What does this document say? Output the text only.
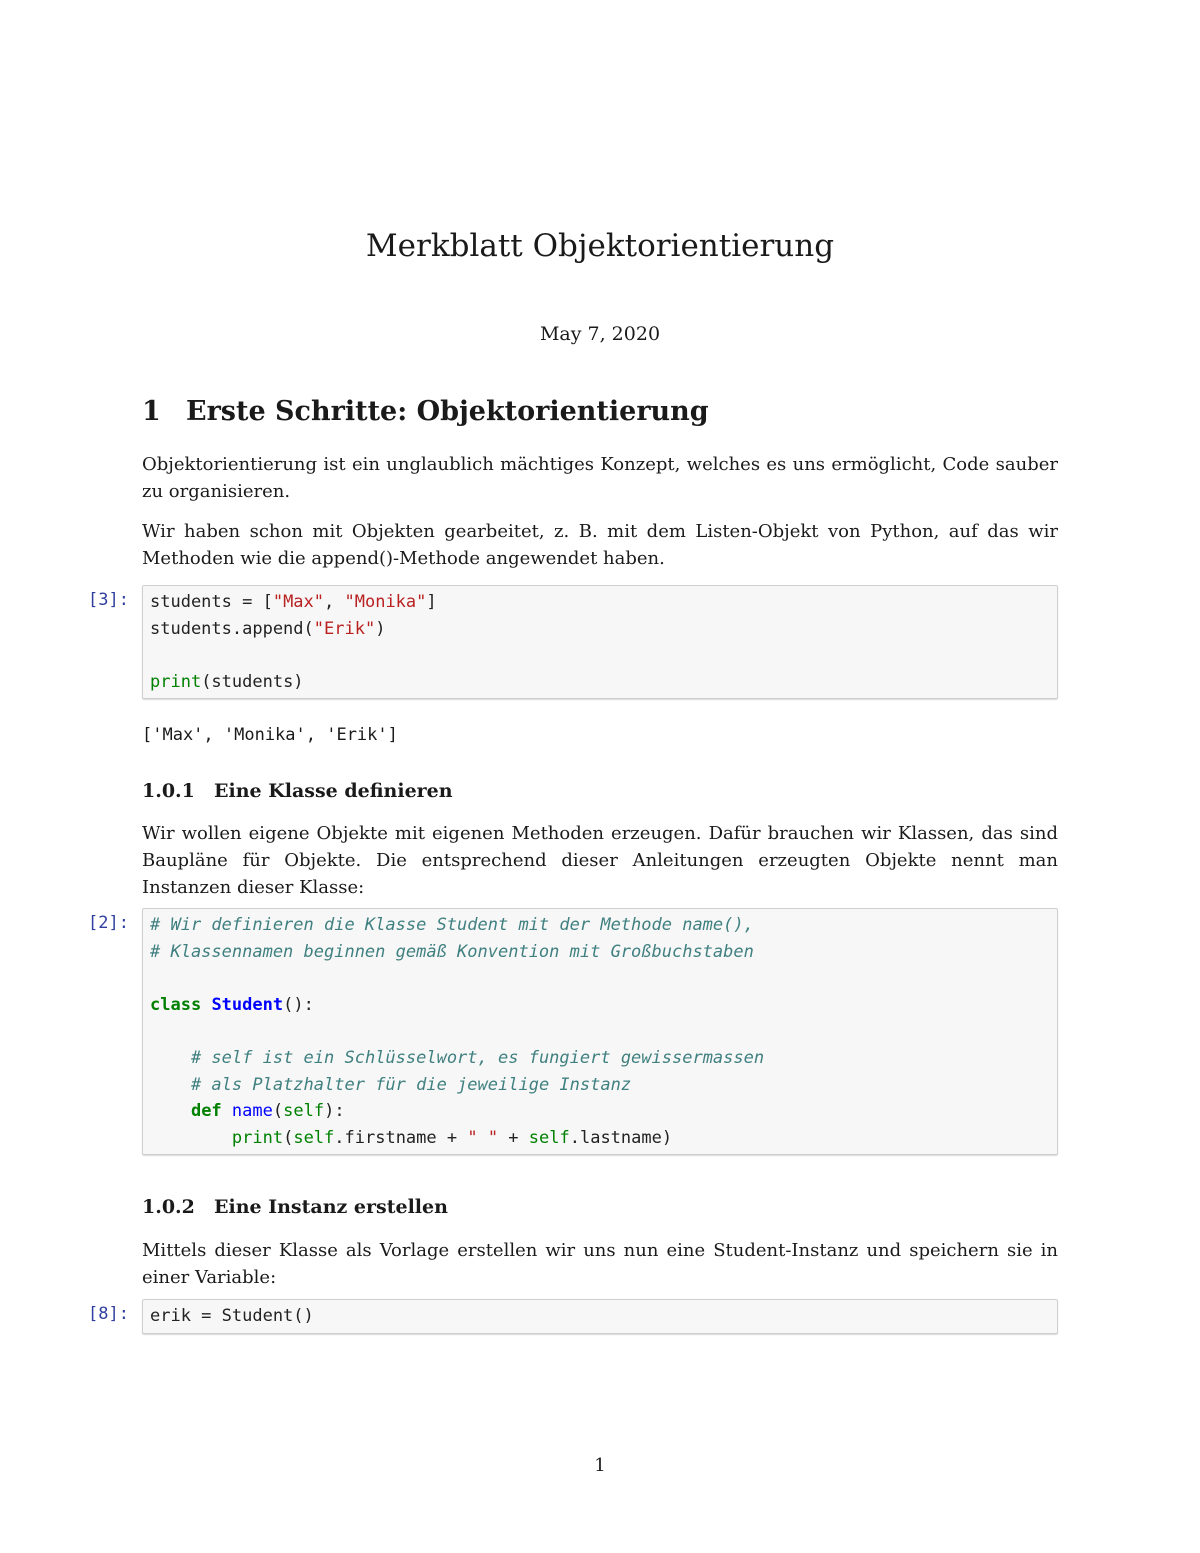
Merkblatt Objektorientierung
May 7, 2020
1 Erste Schritte: Objektorientierung
Objektorientierung ist ein unglaublich mächtiges Konzept, welches es uns ermöglicht, Code sauber zu organisieren.
Wir haben schon mit Objekten gearbeitet, z. B. mit dem Listen-Objekt von Python, auf das wir Methoden wie die append()-Methode angewendet haben.
[3]: students = ["Max", "Monika"]
students.append("Erik")
print(students)
['Max', 'Monika', 'Erik']
1.0.1 Eine Klasse definieren
Wir wollen eigene Objekte mit eigenen Methoden erzeugen. Dafür brauchen wir Klassen, das sind Baupläne für Objekte. Die entsprechend dieser Anleitungen erzeugten Objekte nennt man Instanzen dieser Klasse:
[2]: # Wir definieren die Klasse Student mit der Methode name(),
# Klassennamen beginnen gemäß Konvention mit Großbuchstaben
class Student():
# self ist ein Schlüsselwort, es fungiert gewissermassen
# als Platzhalter für die jeweilige Instanz
def name(self):
print(self.firstname + " " + self.lastname)
1.0.2 Eine Instanz erstellen
Mittels dieser Klasse als Vorlage erstellen wir uns nun eine Student-Instanz und speichern sie in einer Variable:
[8]: erik = Student()
1
